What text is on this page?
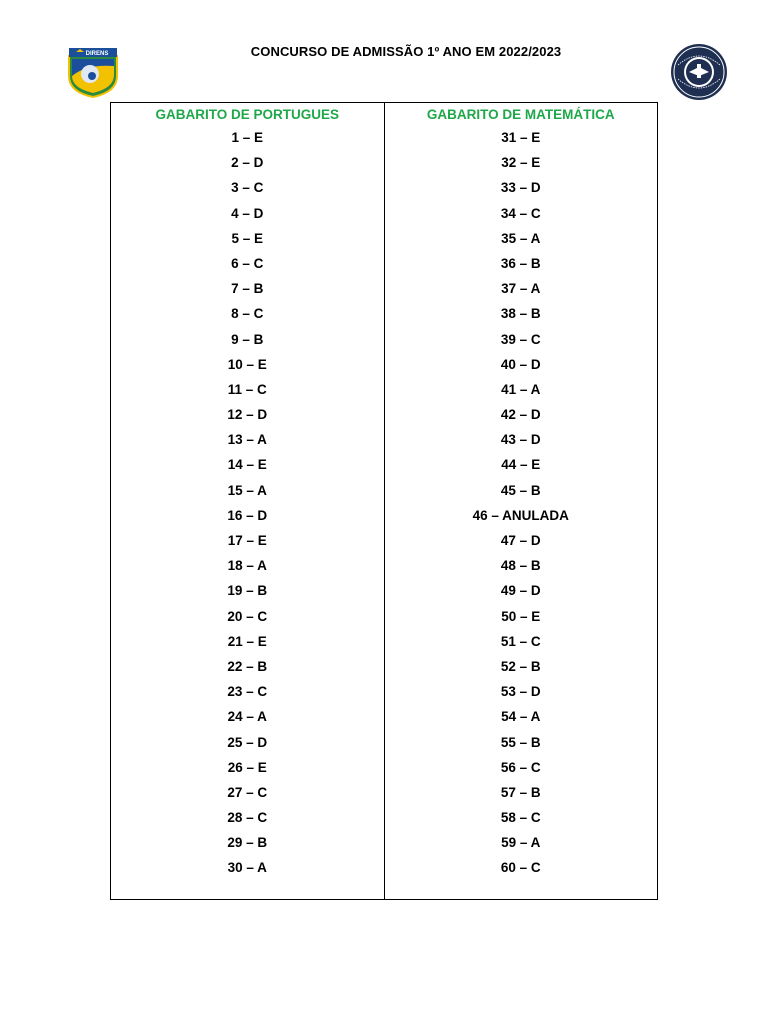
DIRENS	CONCURSO DE ADMISSÃO 1º ANO EM 2022/2023
GABARITO DE PORTUGUES
1 – E
2 – D
3 – C
4 – D
5 – E
6 – C
7 – B
8 – C
9 – B
10 – E
11 – C
12 – D
13 – A
14 – E
15 – A
16 – D
17 – E
18 – A
19 – B
20 – C
21 – E
22 – B
23 – C
24 – A
25 – D
26 – E
27 – C
28 – C
29 – B
30 – A
GABARITO DE MATEMÁTICA
31 – E
32 – E
33 – D
34 – C
35 – A
36 – B
37 – A
38 – B
39 – C
40 – D
41 – A
42 – D
43 – D
44 – E
45 – B
46 – ANULADA
47 – D
48 – B
49 – D
50 – E
51 – C
52 – B
53 – D
54 – A
55 – B
56 – C
57 – B
58 – C
59 – A
60 – C
